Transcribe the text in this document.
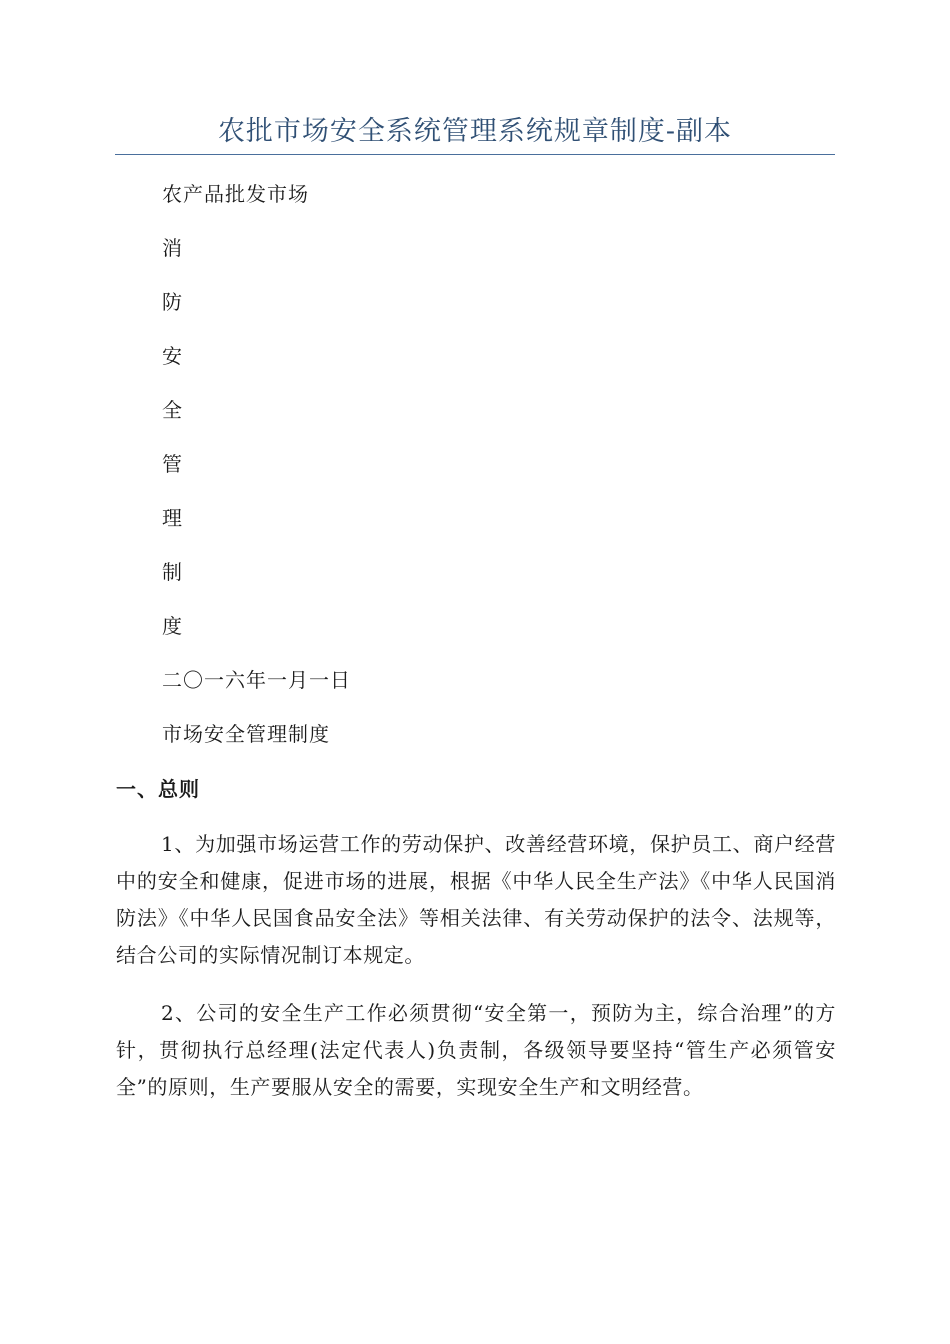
农批市场安全系统管理系统规章制度-副本
农产品批发市场
消
防
安
全
管
理
制
度
二〇一六年一月一日
市场安全管理制度
一、总则
1、为加强市场运营工作的劳动保护、改善经营环境，保护员工、商户经营中的安全和健康，促进市场的进展，根据《中华人民全生产法》《中华人民国消防法》《中华人民国食品安全法》等相关法律、有关劳动保护的法令、法规等，结合公司的实际情况制订本规定。
2、公司的安全生产工作必须贯彻“安全第一，预防为主，综合治理”的方针，贯彻执行总经理(法定代表人)负责制，各级领导要坚持“管生产必须管安全”的原则，生产要服从安全的需要，实现安全生产和文明经营。
